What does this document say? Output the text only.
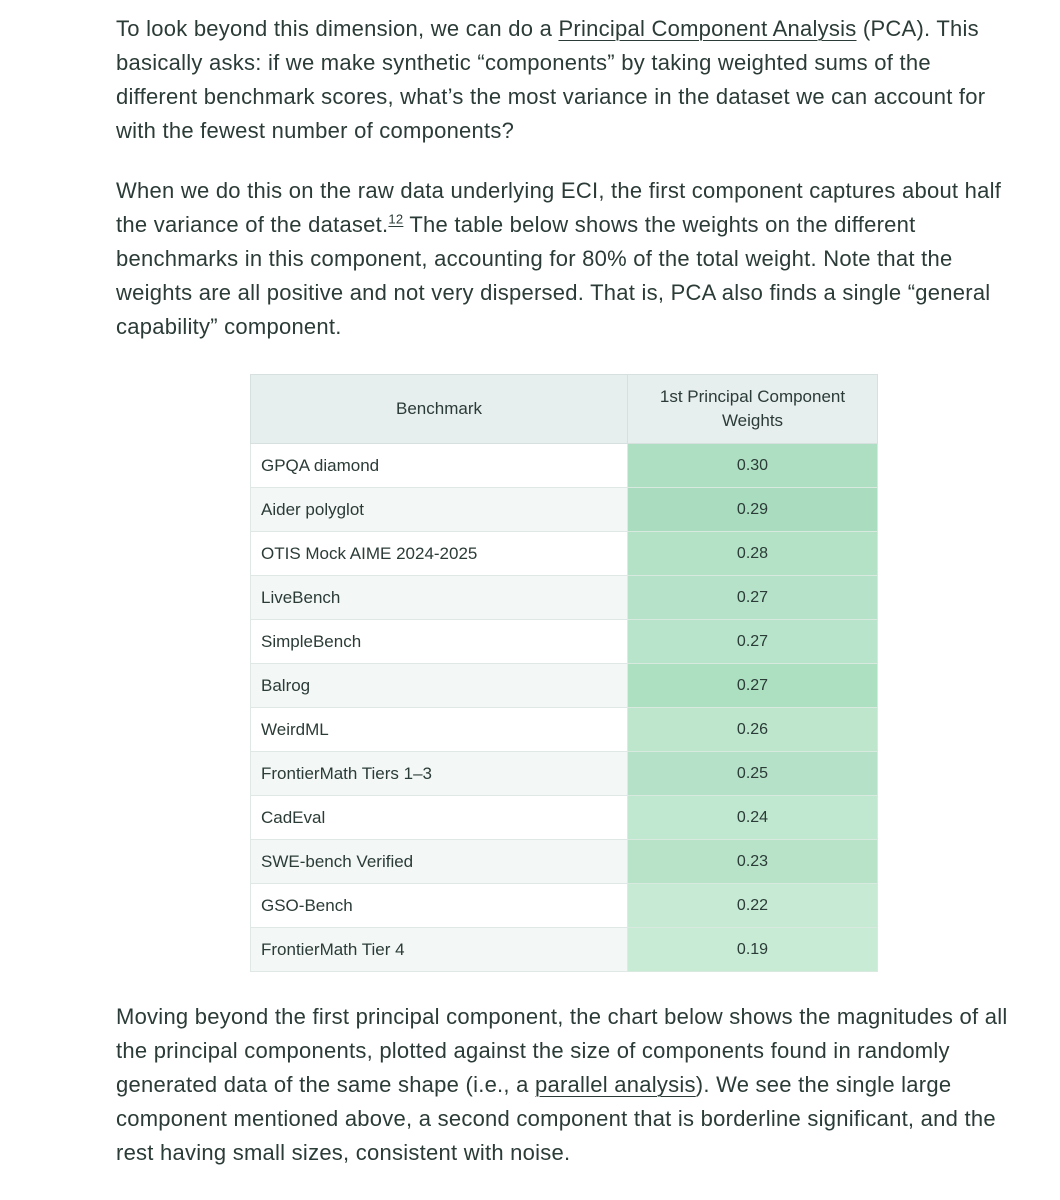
To look beyond this dimension, we can do a Principal Component Analysis (PCA). This basically asks: if we make synthetic “components” by taking weighted sums of the different benchmark scores, what’s the most variance in the dataset we can account for with the fewest number of components?

When we do this on the raw data underlying ECI, the first component captures about half the variance of the dataset.$^{12}$ The table below shows the weights on the different benchmarks in this component, accounting for 80% of the total weight. Note that the weights are all positive and not very dispersed. That is, PCA also finds a single “general capability” component.

Benchmark	1st Principal Component Weights
GPQA diamond	0.30
Aider polyglot	0.29
OTIS Mock AIME 2024-2025	0.28
LiveBench	0.27
SimpleBench	0.27
Balrog	0.27
WeirdML	0.26
FrontierMath Tiers 1–3	0.25
CadEval	0.24
SWE-bench Verified	0.23
GSO-Bench	0.22
FrontierMath Tier 4	0.19

Moving beyond the first principal component, the chart below shows the magnitudes of all the principal components, plotted against the size of components found in randomly generated data of the same shape (i.e., a parallel analysis). We see the single large component mentioned above, a second component that is borderline significant, and the rest having small sizes, consistent with noise.
